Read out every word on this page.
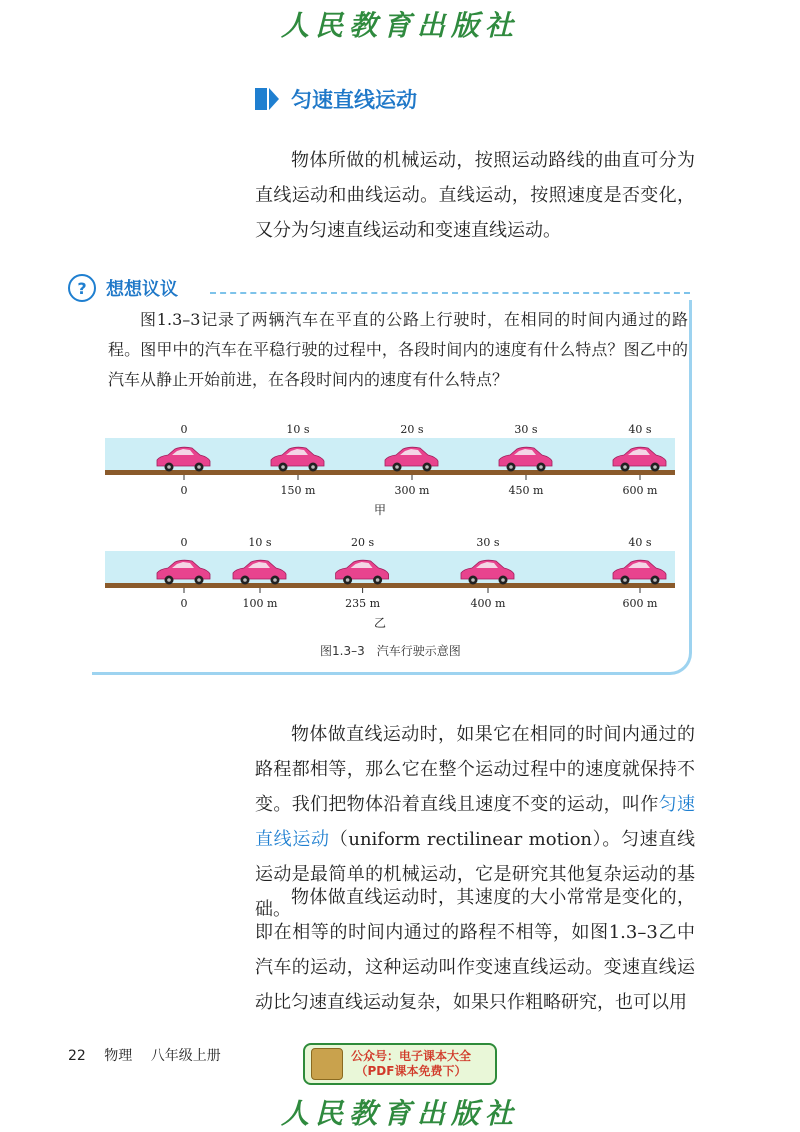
人民教育出版社
匀速直线运动

物体所做的机械运动，按照运动路线的曲直可分为直线运动和曲线运动。直线运动，按照速度是否变化，又分为匀速直线运动和变速直线运动。

?	想想议议

图1.3–3记录了两辆汽车在平直的公路上行驶时，在相同的时间内通过的路程。图甲中的汽车在平稳行驶的过程中，各段时间内的速度有什么特点？图乙中的汽车从静止开始前进，在各段时间内的速度有什么特点？

0
0
10 s
150 m
20 s
300 m
30 s
450 m
40 s
600 m
甲
0
0
10 s
100 m
20 s
235 m
30 s
400 m
40 s
600 m
乙
图1.3–3　汽车行驶示意图
物体做直线运动时，如果它在相同的时间内通过的路程都相等，那么它在整个运动过程中的速度就保持不变。我们把物体沿着直线且速度不变的运动，叫作匀速直线运动（uniform rectilinear motion）。匀速直线运动是最简单的机械运动，它是研究其他复杂运动的基础。

物体做直线运动时，其速度的大小常常是变化的，即在相等的时间内通过的路程不相等，如图1.3–3乙中汽车的运动，这种运动叫作变速直线运动。变速直线运动比匀速直线运动复杂，如果只作粗略研究，也可以用

22 物理 八年级上册	公众号：电子课本大全
（PDF课本免费下）
人民教育出版社
